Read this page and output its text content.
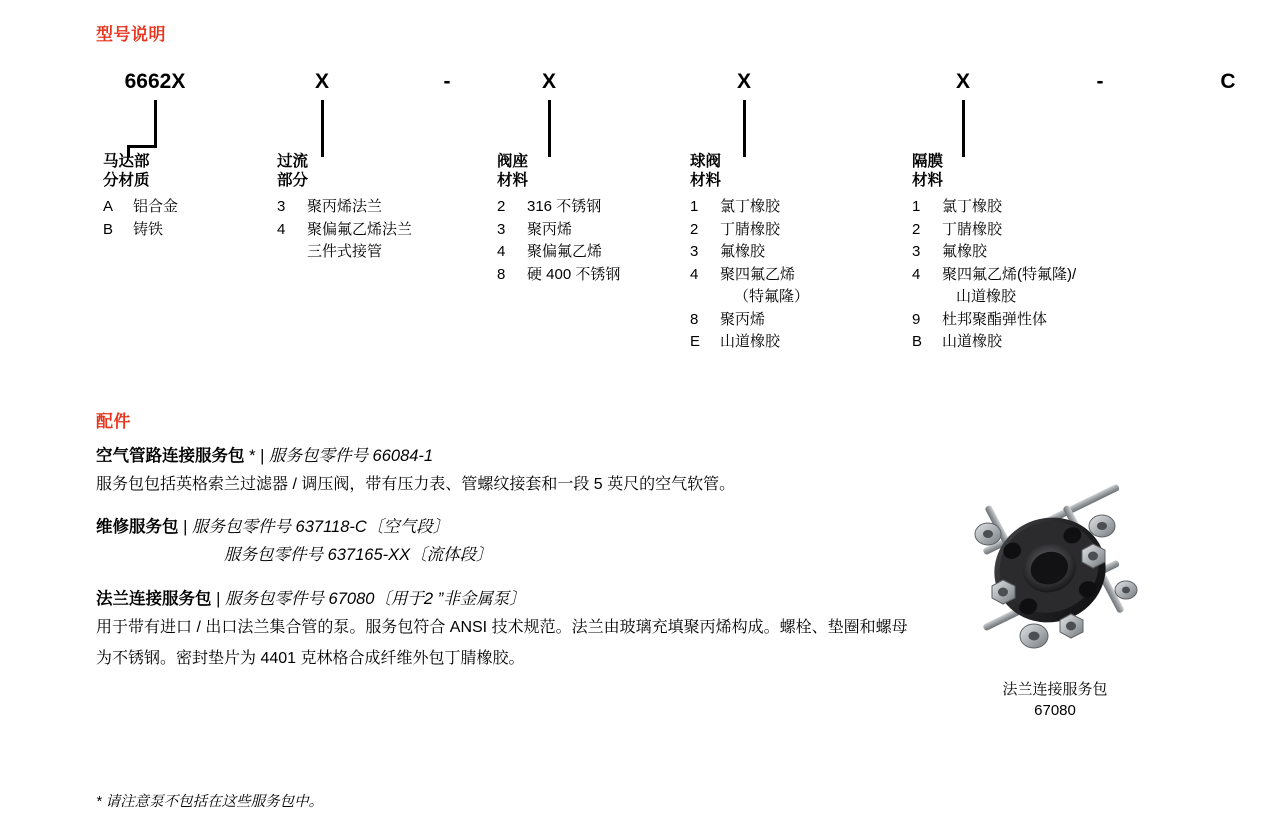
型号说明
6662X	X	-	X	X	X	-	C
马达部
分材质
A	铝合金
B	铸铁
过流
部分
3	聚丙烯法兰
4	聚偏氟乙烯法兰
三件式接管
阀座
材料
2	316 不锈钢
3	聚丙烯
4	聚偏氟乙烯
8	硬 400 不锈钢
球阀
材料
1	氯丁橡胶
2	丁腈橡胶
3	氟橡胶
4	聚四氟乙烯
（特氟隆）
8	聚丙烯
E	山道橡胶
隔膜
材料
1	氯丁橡胶
2	丁腈橡胶
3	氟橡胶
4	聚四氟乙烯(特氟隆)/
山道橡胶
9	杜邦聚酯弹性体
B	山道橡胶
配件
空气管路连接服务包 * | 服务包零件号 66084-1
服务包包括英格索兰过滤器 / 调压阀，带有压力表、管螺纹接套和一段 5 英尺的空气软管。
维修服务包 | 服务包零件号 637118-C〔空气段〕
服务包零件号 637165-XX〔流体段〕
法兰连接服务包 | 服务包零件号 67080〔用于2 ”非金属泵〕
用于带有进口 / 出口法兰集合管的泵。服务包符合 ANSI 技术规范。法兰由玻璃充填聚丙烯构成。螺栓、垫圈和螺母为不锈钢。密封垫片为 4401 克林格合成纤维外包丁腈橡胶。
* 请注意泵不包括在这些服务包中。
法兰连接服务包
67080
